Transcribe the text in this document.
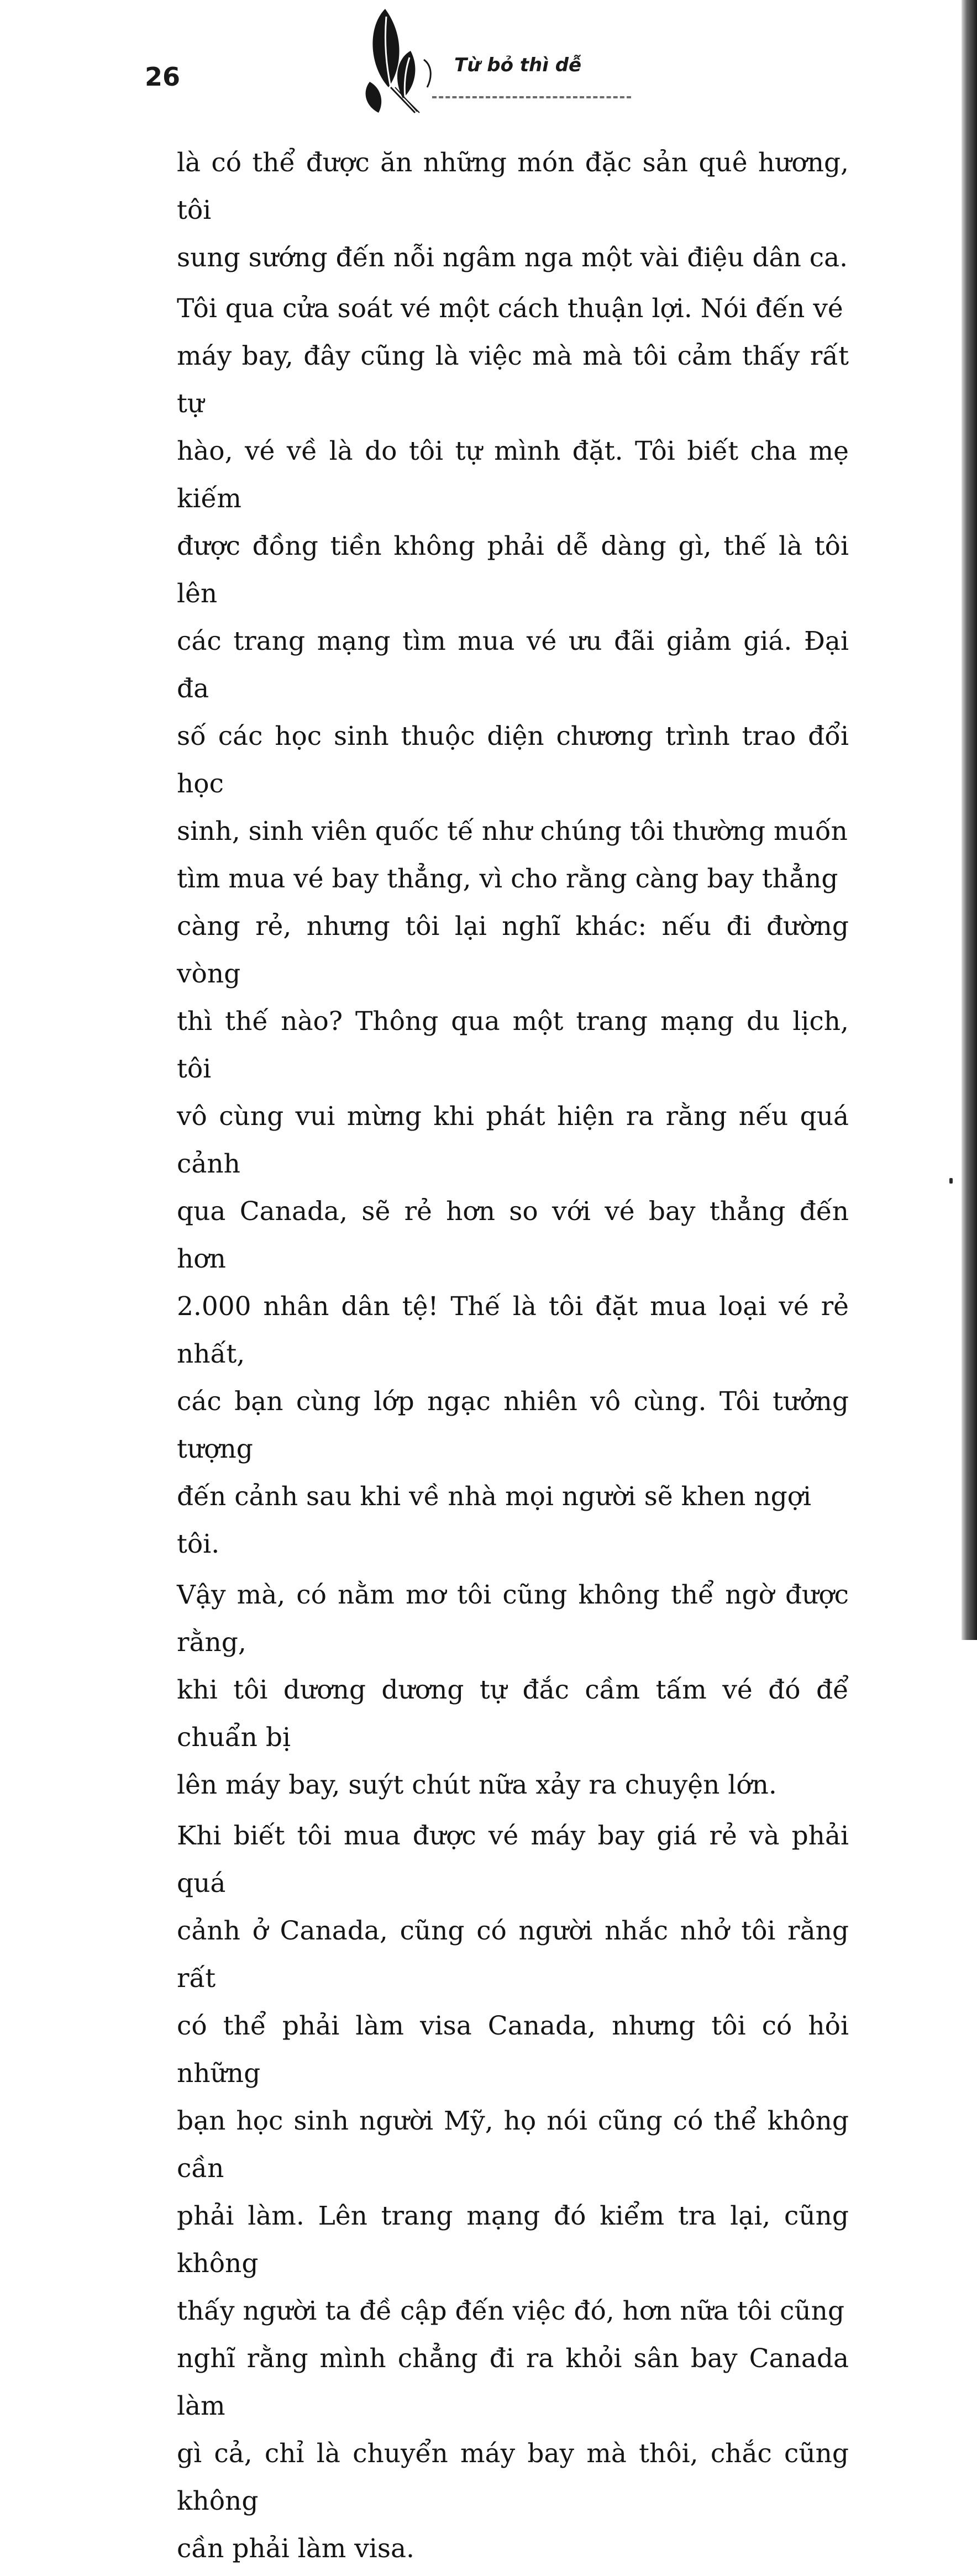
26	Từ bỏ thì dễ

là có thể được ăn những món đặc sản quê hương, tôi
sung sướng đến nỗi ngâm nga một vài điệu dân ca.

Tôi qua cửa soát vé một cách thuận lợi. Nói đến vé
máy bay, đây cũng là việc mà mà tôi cảm thấy rất tự
hào, vé về là do tôi tự mình đặt. Tôi biết cha mẹ kiếm
được đồng tiền không phải dễ dàng gì, thế là tôi lên
các trang mạng tìm mua vé ưu đãi giảm giá. Đại đa
số các học sinh thuộc diện chương trình trao đổi học
sinh, sinh viên quốc tế như chúng tôi thường muốn
tìm mua vé bay thẳng, vì cho rằng càng bay thẳng
càng rẻ, nhưng tôi lại nghĩ khác: nếu đi đường vòng
thì thế nào? Thông qua một trang mạng du lịch, tôi
vô cùng vui mừng khi phát hiện ra rằng nếu quá cảnh
qua Canada, sẽ rẻ hơn so với vé bay thẳng đến hơn
2.000 nhân dân tệ! Thế là tôi đặt mua loại vé rẻ nhất,
các bạn cùng lớp ngạc nhiên vô cùng. Tôi tưởng tượng
đến cảnh sau khi về nhà mọi người sẽ khen ngợi tôi.

Vậy mà, có nằm mơ tôi cũng không thể ngờ được rằng,
khi tôi dương dương tự đắc cầm tấm vé đó để chuẩn bị
lên máy bay, suýt chút nữa xảy ra chuyện lớn.

Khi biết tôi mua được vé máy bay giá rẻ và phải quá
cảnh ở Canada, cũng có người nhắc nhở tôi rằng rất
có thể phải làm visa Canada, nhưng tôi có hỏi những
bạn học sinh người Mỹ, họ nói cũng có thể không cần
phải làm. Lên trang mạng đó kiểm tra lại, cũng không
thấy người ta đề cập đến việc đó, hơn nữa tôi cũng
nghĩ rằng mình chẳng đi ra khỏi sân bay Canada làm
gì cả, chỉ là chuyển máy bay mà thôi, chắc cũng không
cần phải làm visa.
